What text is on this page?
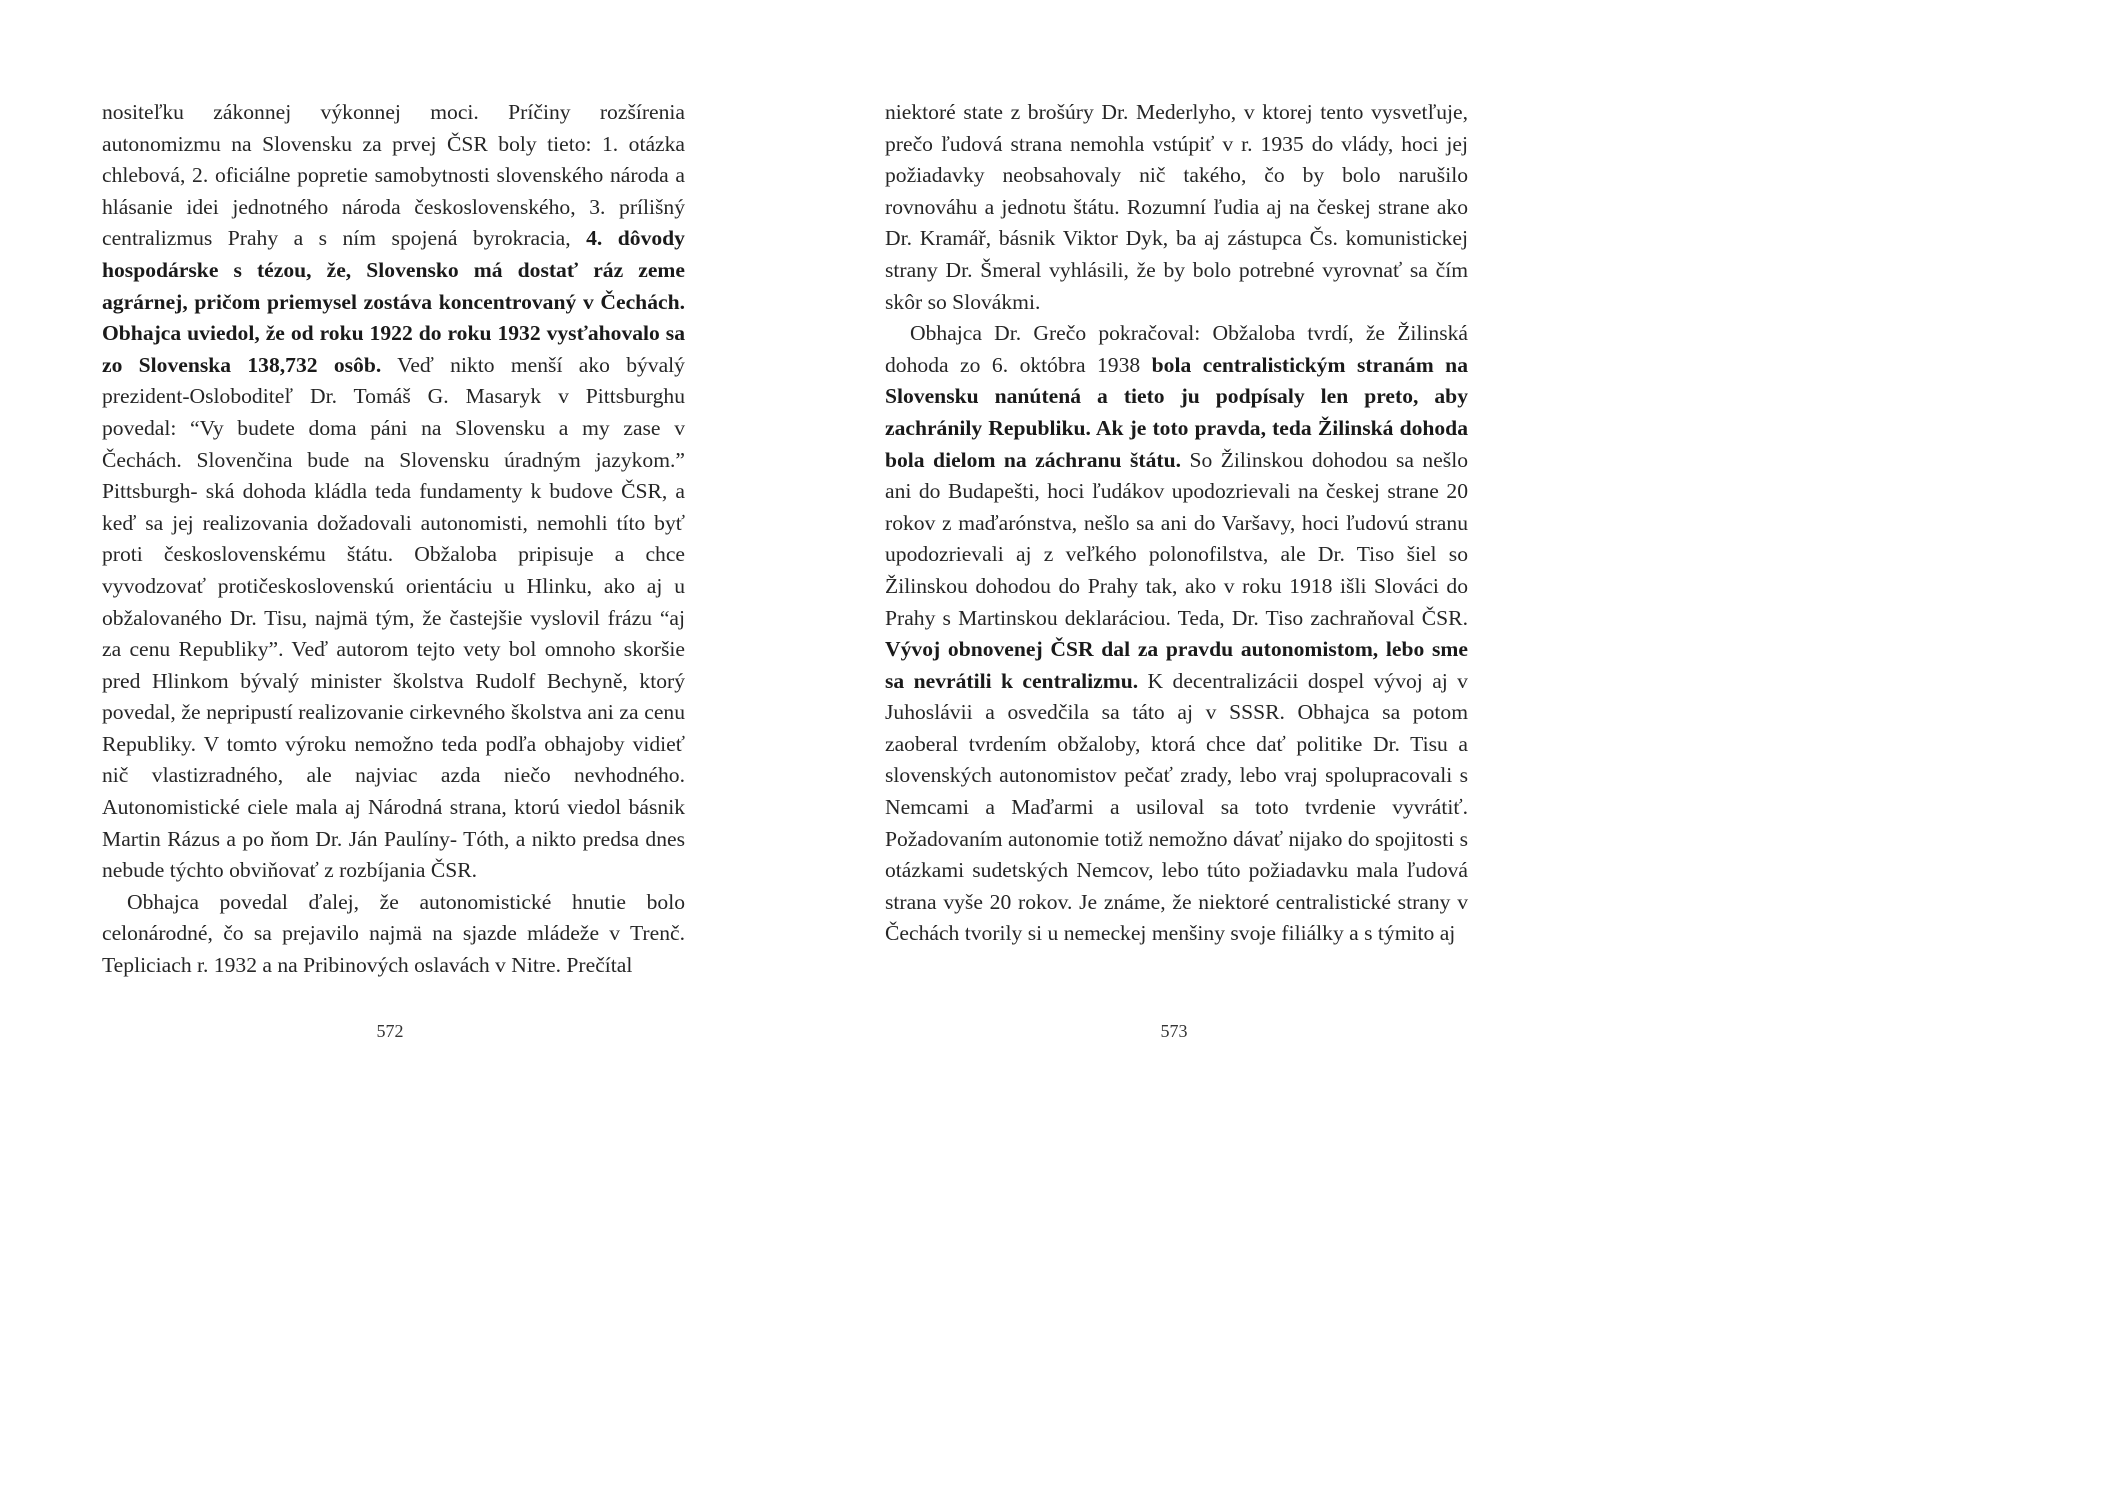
nositeľku zákonnej výkonnej moci. Príčiny rozšírenia autonomizmu na Slovensku za prvej ČSR boly tieto: 1. otázka chlebová, 2. oficiálne popretie samobytnosti slovenského národa a hlásanie idei jednotného národa československého, 3. prílišný centralizmus Prahy a s ním spojená byrokracia, 4. dôvody hospodárske s tézou, že, Slovensko má dostať ráz zeme agrárnej, pričom priemysel zostáva koncentrovaný v Čechách. Obhajca uviedol, že od roku 1922 do roku 1932 vysťahovalo sa zo Slovenska 138,732 osôb. Veď nikto menší ako bývalý prezident-Osloboditeľ Dr. Tomáš G. Masaryk v Pittsburghu povedal: “Vy budete doma páni na Slovensku a my zase v Čechách. Slovenčina bude na Slovensku úradným jazykom.” Pittsburgh- ská dohoda kládla teda fundamenty k budove ČSR, a keď sa jej realizovania dožadovali autonomisti, nemohli títo byť proti československému štátu. Obžaloba pripisuje a chce vyvodzovať protičeskoslovenskú orientáciu u Hlinku, ako aj u obžalovaného Dr. Tisu, najmä tým, že častejšie vyslovil frázu “aj za cenu Republiky”. Veď autorom tejto vety bol omnoho skoršie pred Hlinkom bývalý minister školstva Rudolf Bechyně, ktorý povedal, že nepripustí realizovanie cirkevného školstva ani za cenu Republiky. V tomto výroku nemožno teda podľa obhajoby vidieť nič vlastizradného, ale najviac azda niečo nevhodného. Autonomistické ciele mala aj Národná strana, ktorú viedol básnik Martin Rázus a po ňom Dr. Ján Paulíny- Tóth, a nikto predsa dnes nebude týchto obviňovať z rozbíjania ČSR.

Obhajca povedal ďalej, že autonomistické hnutie bolo celonárodné, čo sa prejavilo najmä na sjazde mládeže v Trenč. Tepliciach r. 1932 a na Pribinových oslavách v Nitre. Prečítal

572

niektoré state z brošúry Dr. Mederlyho, v ktorej tento vysvetľuje, prečo ľudová strana nemohla vstúpiť v r. 1935 do vlády, hoci jej požiadavky neobsahovaly nič takého, čo by bolo narušilo rovnováhu a jednotu štátu. Rozumní ľudia aj na českej strane ako Dr. Kramář, básnik Viktor Dyk, ba aj zástupca Čs. komunistickej strany Dr. Šmeral vyhlásili, že by bolo potrebné vyrovnať sa čím skôr so Slovákmi.

Obhajca Dr. Grečo pokračoval: Obžaloba tvrdí, že Žilinská dohoda zo 6. októbra 1938 bola centralistickým stranám na Slovensku nanútená a tieto ju podpísaly len preto, aby zachránily Republiku. Ak je toto pravda, teda Žilinská dohoda bola dielom na záchranu štátu. So Žilinskou dohodou sa nešlo ani do Budapešti, hoci ľudákov upodozrievali na českej strane 20 rokov z maďarónstva, nešlo sa ani do Varšavy, hoci ľudovú stranu upodozrievali aj z veľkého polonofilstva, ale Dr. Tiso šiel so Žilinskou dohodou do Prahy tak, ako v roku 1918 išli Slováci do Prahy s Martinskou deklaráciou. Teda, Dr. Tiso zachraňoval ČSR. Vývoj obnovenej ČSR dal za pravdu autonomistom, lebo sme sa nevrátili k centralizmu. K decentralizácii dospel vývoj aj v Juhoslávii a osvedčila sa táto aj v SSSR. Obhajca sa potom zaoberal tvrdením obžaloby, ktorá chce dať politike Dr. Tisu a slovenských autonomistov pečať zrady, lebo vraj spolupracovali s Nemcami a Maďarmi a usiloval sa toto tvrdenie vyvrátiť. Požadovaním autonomie totiž nemožno dávať nijako do spojitosti s otázkami sudetských Nemcov, lebo túto požiadavku mala ľudová strana vyše 20 rokov. Je známe, že niektoré centralistické strany v Čechách tvorily si u nemeckej menšiny svoje filiálky a s týmito aj

573
